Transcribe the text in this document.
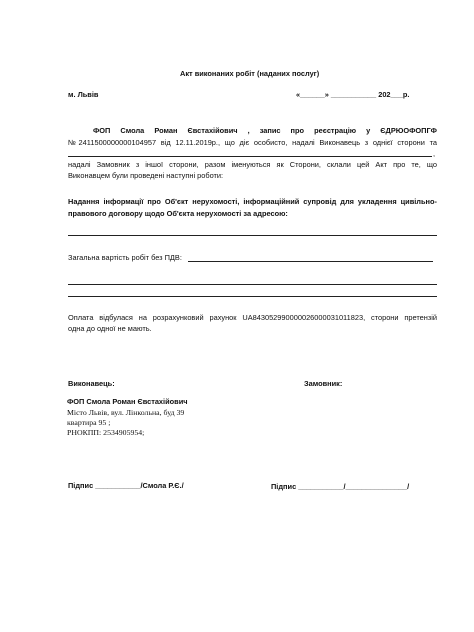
Акт виконаних робіт (наданих послуг)
м. Львів	«______» ___________ 202___р.
ФОП Смола Роман Євстахійович , запис про реєстрацію у ЄДРЮОФОПГФ
№2411500000000104957 від 12.11.2019р., що діє особисто, надалі Виконавець з однієї сторони та
,
надалі Замовник з іншої сторони, разом іменуються як Сторони, склали цей Акт про те, що
Виконавцем були проведені наступні роботи:
Надання інформації про Об'єкт нерухомості, інформаційний супровід для укладення цивільно-
правового договору щодо Об'єкта нерухомості за адресою:
Загальна вартість робіт без ПДВ:
Оплата відбулася на розрахунковий рахунок UA843052990000026000031011823, сторони претензій
одна до одної не мають.
Виконавець:	Замовник:
ФОП Смола Роман Євстахійович
Місто Львів, вул. Лінкольна, буд 39
квартира 95 ;
РНОКПП: 2534905954;
Підпис ___________/Смола Р.Є./	Підпис ___________/_______________/
